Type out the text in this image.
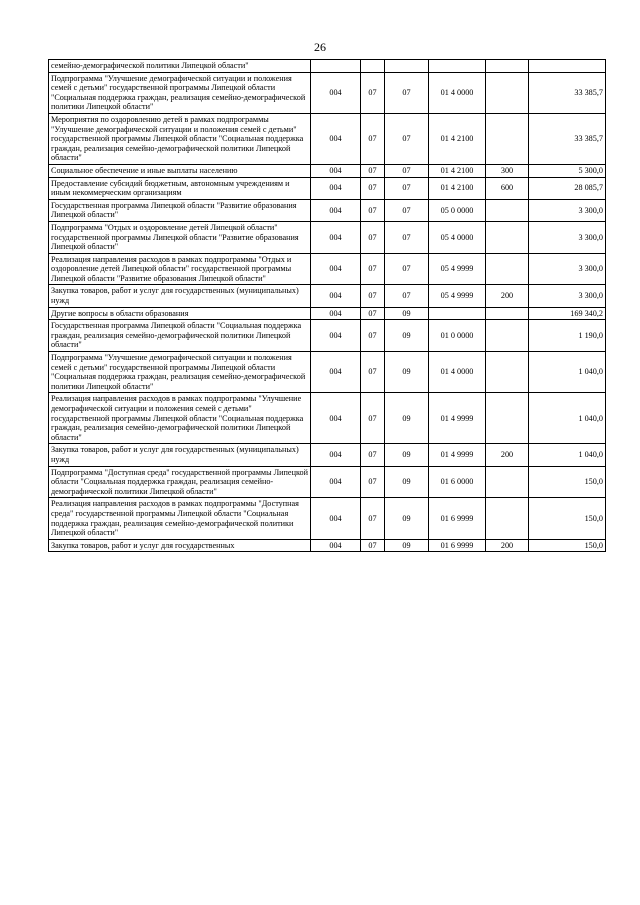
26
семейно-демографической политики Липецкой области"						
Подпрограмма "Улучшение демографической ситуации и положения семей с детьми" государственной программы Липецкой области "Социальная поддержка граждан, реализация семейно-демографической политики Липецкой области"	004	07	07	01 4 0000		33 385,7
Мероприятия по оздоровлению детей в рамках подпрограммы "Улучшение демографической ситуации и положения семей с детьми" государственной программы Липецкой области "Социальная поддержка граждан, реализация семейно-демографической политики Липецкой области"	004	07	07	01 4 2100		33 385,7
Социальное обеспечение и иные выплаты населению	004	07	07	01 4 2100	300	5 300,0
Предоставление субсидий бюджетным, автономным учреждениям и иным некоммерческим организациям	004	07	07	01 4 2100	600	28 085,7
Государственная программа Липецкой области "Развитие образования Липецкой области"	004	07	07	05 0 0000		3 300,0
Подпрограмма "Отдых и оздоровление детей Липецкой области" государственной программы Липецкой области "Развитие образования Липецкой области"	004	07	07	05 4 0000		3 300,0
Реализация направления расходов в рамках подпрограммы "Отдых и оздоровление детей Липецкой области" государственной программы Липецкой области "Развитие образования Липецкой области"	004	07	07	05 4 9999		3 300,0
Закупка товаров, работ и услуг для государственных (муниципальных) нужд	004	07	07	05 4 9999	200	3 300,0
Другие вопросы в области образования	004	07	09			169 340,2
Государственная программа Липецкой области "Социальная поддержка граждан, реализация семейно-демографической политики Липецкой области"	004	07	09	01 0 0000		1 190,0
Подпрограмма "Улучшение демографической ситуации и положения семей с детьми" государственной программы Липецкой области "Социальная поддержка граждан, реализация семейно-демографической политики Липецкой области"	004	07	09	01 4 0000		1 040,0
Реализация направления расходов в рамках подпрограммы "Улучшение демографической ситуации и положения семей с детьми" государственной программы Липецкой области "Социальная поддержка граждан, реализация семейно-демографической политики Липецкой области"	004	07	09	01 4 9999		1 040,0
Закупка товаров, работ и услуг для государственных (муниципальных) нужд	004	07	09	01 4 9999	200	1 040,0
Подпрограмма "Доступная среда" государственной программы Липецкой области "Социальная поддержка граждан, реализация семейно-демографической политики Липецкой области"	004	07	09	01 6 0000		150,0
Реализация направления расходов в рамках подпрограммы "Доступная среда" государственной программы Липецкой области "Социальная поддержка граждан, реализация семейно-демографической политики Липецкой области"	004	07	09	01 6 9999		150,0
Закупка товаров, работ и услуг для государственных	004	07	09	01 6 9999	200	150,0
